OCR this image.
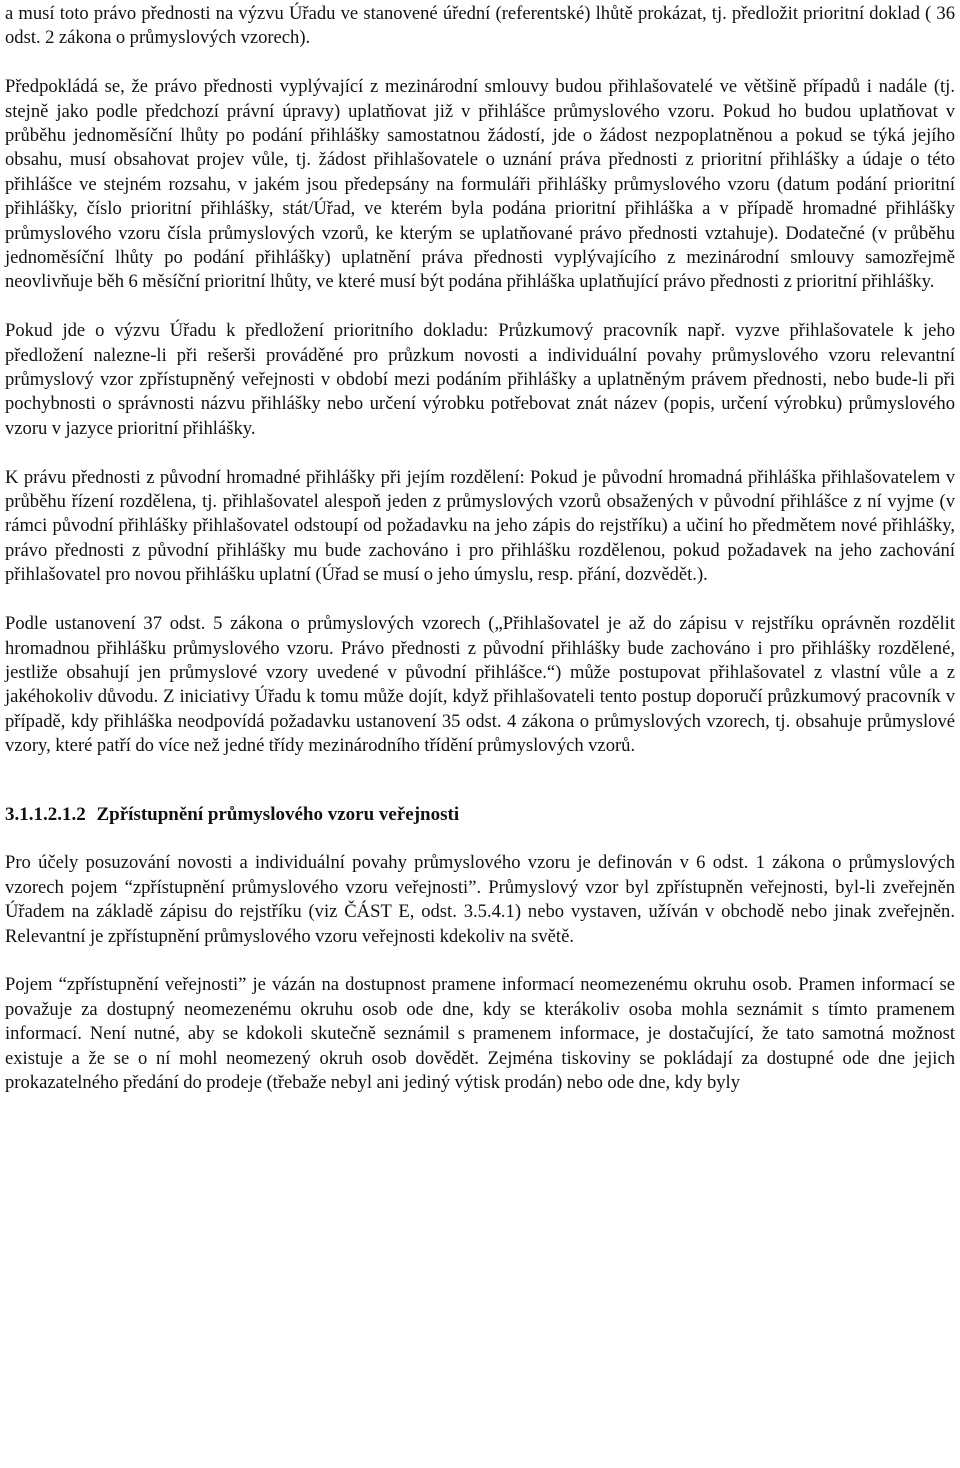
a musí toto právo přednosti na výzvu Úřadu ve stanovené úřední (referentské) lhůtě prokázat, tj. předložit prioritní doklad ( 36 odst. 2 zákona o průmyslových vzorech).

Předpokládá se, že právo přednosti vyplývající z mezinárodní smlouvy budou přihlašovatelé ve většině případů i nadále (tj. stejně jako podle předchozí právní úpravy) uplatňovat již v přihlášce průmyslového vzoru. Pokud ho budou uplatňovat v průběhu jednoměsíční lhůty po podání přihlášky samostatnou žádostí, jde o žádost nezpoplatněnou a pokud se týká jejího obsahu, musí obsahovat projev vůle, tj. žádost přihlašovatele o uznání práva přednosti z prioritní přihlášky a údaje o této přihlášce ve stejném rozsahu, v jakém jsou předepsány na formuláři přihlášky průmyslového vzoru (datum podání prioritní přihlášky, číslo prioritní přihlášky, stát/Úřad, ve kterém byla podána prioritní přihláška a v případě hromadné přihlášky průmyslového vzoru čísla průmyslových vzorů, ke kterým se uplatňované právo přednosti vztahuje). Dodatečné (v průběhu jednoměsíční lhůty po podání přihlášky) uplatnění práva přednosti vyplývajícího z mezinárodní smlouvy samozřejmě neovlivňuje běh 6 měsíční prioritní lhůty, ve které musí být podána přihláška uplatňující právo přednosti z prioritní přihlášky.

Pokud jde o výzvu Úřadu k předložení prioritního dokladu: Průzkumový pracovník např. vyzve přihlašovatele k jeho předložení nalezne-li při rešerši prováděné pro průzkum novosti a individuální povahy průmyslového vzoru relevantní průmyslový vzor zpřístupněný veřejnosti v období mezi podáním přihlášky a uplatněným právem přednosti, nebo bude-li při pochybnosti o správnosti názvu přihlášky nebo určení výrobku potřebovat znát název (popis, určení výrobku) průmyslového vzoru v jazyce prioritní přihlášky.

K právu přednosti z původní hromadné přihlášky při jejím rozdělení: Pokud je původní hromadná přihláška přihlašovatelem v průběhu řízení rozdělena, tj. přihlašovatel alespoň jeden z průmyslových vzorů obsažených v původní přihlášce z ní vyjme (v rámci původní přihlášky přihlašovatel odstoupí od požadavku na jeho zápis do rejstříku) a učiní ho předmětem nové přihlášky, právo přednosti z původní přihlášky mu bude zachováno i pro přihlášku rozdělenou, pokud požadavek na jeho zachování přihlašovatel pro novou přihlášku uplatní (Úřad se musí o jeho úmyslu, resp. přání, dozvědět.).

Podle ustanovení 37 odst. 5 zákona o průmyslových vzorech („Přihlašovatel je až do zápisu v rejstříku oprávněn rozdělit hromadnou přihlášku průmyslového vzoru. Právo přednosti z původní přihlášky bude zachováno i pro přihlášky rozdělené, jestliže obsahují jen průmyslové vzory uvedené v původní přihlášce.“) může postupovat přihlašovatel z vlastní vůle a z jakéhokoliv důvodu. Z iniciativy Úřadu k tomu může dojít, když přihlašovateli tento postup doporučí průzkumový pracovník v případě, kdy přihláška neodpovídá požadavku ustanovení 35 odst. 4 zákona o průmyslových vzorech, tj. obsahuje průmyslové vzory, které patří do více než jedné třídy mezinárodního třídění průmyslových vzorů.

3.1.1.2.1.2 Zpřístupnění průmyslového vzoru veřejnosti

Pro účely posuzování novosti a individuální povahy průmyslového vzoru je definován v 6 odst. 1 zákona o průmyslových vzorech pojem “zpřístupnění průmyslového vzoru veřejnosti”. Průmyslový vzor byl zpřístupněn veřejnosti, byl-li zveřejněn Úřadem na základě zápisu do rejstříku (viz ČÁST E, odst. 3.5.4.1) nebo vystaven, užíván v obchodě nebo jinak zveřejněn. Relevantní je zpřístupnění průmyslového vzoru veřejnosti kdekoliv na světě.

Pojem “zpřístupnění veřejnosti” je vázán na dostupnost pramene informací neomezenému okruhu osob. Pramen informací se považuje za dostupný neomezenému okruhu osob ode dne, kdy se kterákoliv osoba mohla seznámit s tímto pramenem informací. Není nutné, aby se kdokoli skutečně seznámil s pramenem informace, je dostačující, že tato samotná možnost existuje a že se o ní mohl neomezený okruh osob dovědět. Zejména tiskoviny se pokládají za dostupné ode dne jejich prokazatelného předání do prodeje (třebaže nebyl ani jediný výtisk prodán) nebo ode dne, kdy byly
